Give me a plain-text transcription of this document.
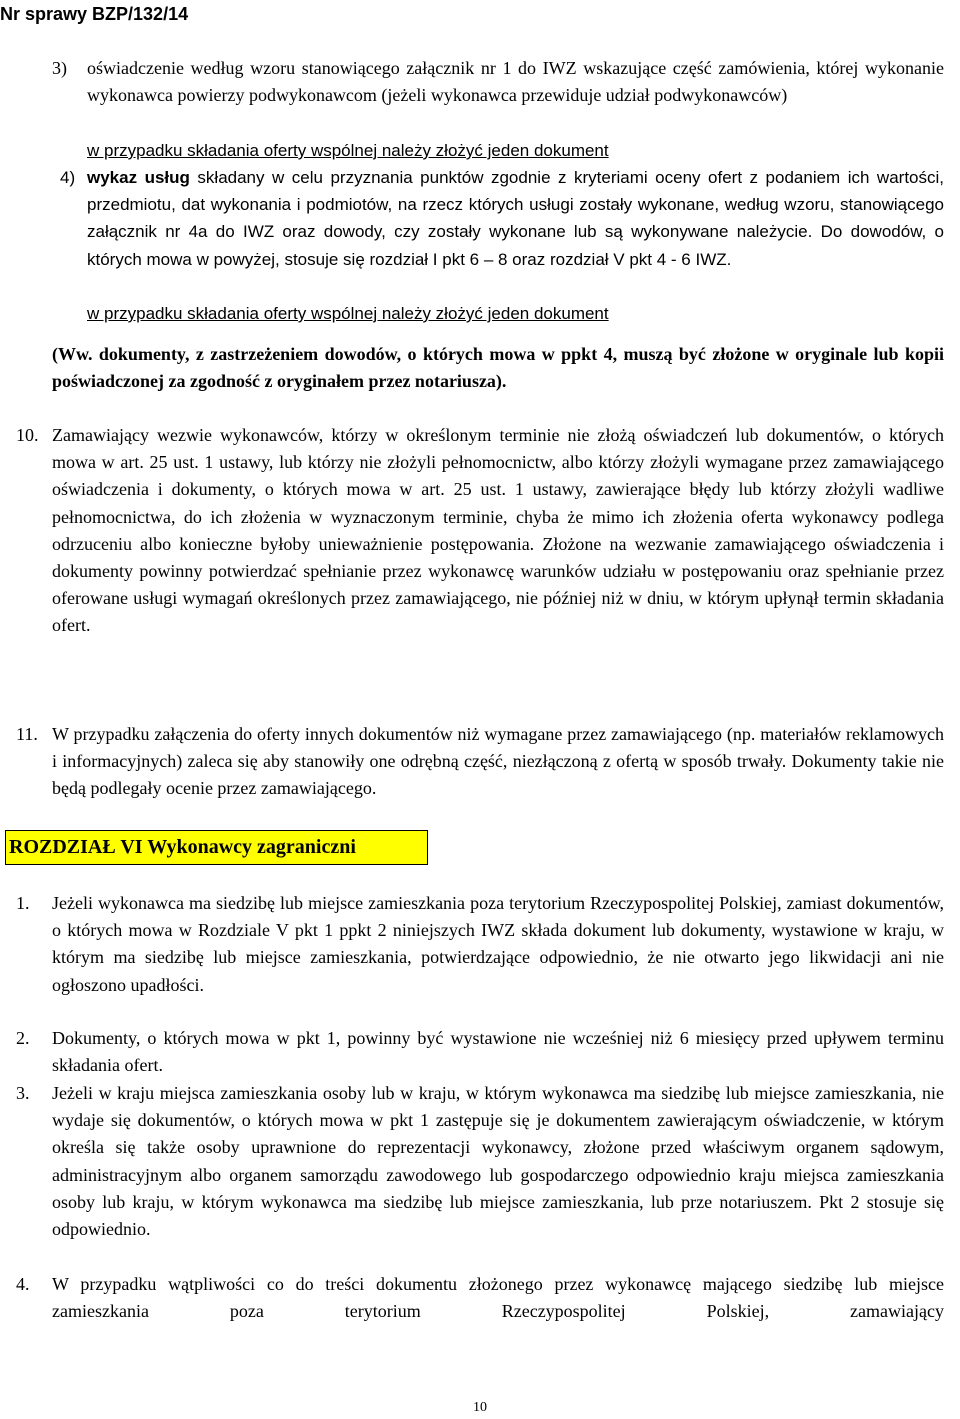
Nr sprawy BZP/132/14
3) oświadczenie według wzoru stanowiącego załącznik nr 1 do IWZ wskazujące część zamówienia, której wykonanie wykonawca powierzy podwykonawcom (jeżeli wykonawca przewiduje udział podwykonawców)
w przypadku składania oferty wspólnej należy złożyć jeden dokument
4) wykaz usług składany w celu przyznania punktów zgodnie z kryteriami oceny ofert z podaniem ich wartości, przedmiotu, dat wykonania i podmiotów, na rzecz których usługi zostały wykonane, według wzoru, stanowiącego załącznik nr 4a do IWZ oraz dowody, czy zostały wykonane lub są wykonywane należycie. Do dowodów, o których mowa w powyżej, stosuje się rozdział I pkt 6 – 8 oraz rozdział V pkt 4 - 6 IWZ.
w przypadku składania oferty wspólnej należy złożyć jeden dokument
(Ww. dokumenty, z zastrzeżeniem dowodów, o których mowa w ppkt 4, muszą być złożone w oryginale lub kopii poświadczonej za zgodność z oryginałem przez notariusza).
10. Zamawiający wezwie wykonawców, którzy w określonym terminie nie złożą oświadczeń lub dokumentów, o których mowa w art. 25 ust. 1 ustawy, lub którzy nie złożyli pełnomocnictw, albo którzy złożyli wymagane przez zamawiającego oświadczenia i dokumenty, o których mowa w art. 25 ust. 1 ustawy, zawierające błędy lub którzy złożyli wadliwe pełnomocnictwa, do ich złożenia w wyznaczonym terminie, chyba że mimo ich złożenia oferta wykonawcy podlega odrzuceniu albo konieczne byłoby unieważnienie postępowania. Złożone na wezwanie zamawiającego oświadczenia i dokumenty powinny potwierdzać spełnianie przez wykonawcę warunków udziału w postępowaniu oraz spełnianie przez oferowane usługi wymagań określonych przez zamawiającego, nie później niż w dniu, w którym upłynął termin składania ofert.
11. W przypadku załączenia do oferty innych dokumentów niż wymagane przez zamawiającego (np. materiałów reklamowych i informacyjnych) zaleca się aby stanowiły one odrębną część, niezłączoną z ofertą w sposób trwały. Dokumenty takie nie będą podlegały ocenie przez zamawiającego.
ROZDZIAŁ VI Wykonawcy zagraniczni
1. Jeżeli wykonawca ma siedzibę lub miejsce zamieszkania poza terytorium Rzeczypospolitej Polskiej, zamiast dokumentów, o których mowa w Rozdziale V pkt 1 ppkt 2 niniejszych IWZ składa dokument lub dokumenty, wystawione w kraju, w którym ma siedzibę lub miejsce zamieszkania, potwierdzające odpowiednio, że nie otwarto jego likwidacji ani nie ogłoszono upadłości.
2. Dokumenty, o których mowa w pkt 1, powinny być wystawione nie wcześniej niż 6 miesięcy przed upływem terminu składania ofert.
3. Jeżeli w kraju miejsca zamieszkania osoby lub w kraju, w którym wykonawca ma siedzibę lub miejsce zamieszkania, nie wydaje się dokumentów, o których mowa w pkt 1 zastępuje się je dokumentem zawierającym oświadczenie, w którym określa się także osoby uprawnione do reprezentacji wykonawcy, złożone przed właściwym organem sądowym, administracyjnym albo organem samorządu zawodowego lub gospodarczego odpowiednio kraju miejsca zamieszkania osoby lub kraju, w którym wykonawca ma siedzibę lub miejsce zamieszkania, lub prze notariuszem. Pkt 2 stosuje się odpowiednio.
4. W przypadku wątpliwości co do treści dokumentu złożonego przez wykonawcę mającego siedzibę lub miejsce zamieszkania poza terytorium Rzeczypospolitej Polskiej, zamawiający
10
